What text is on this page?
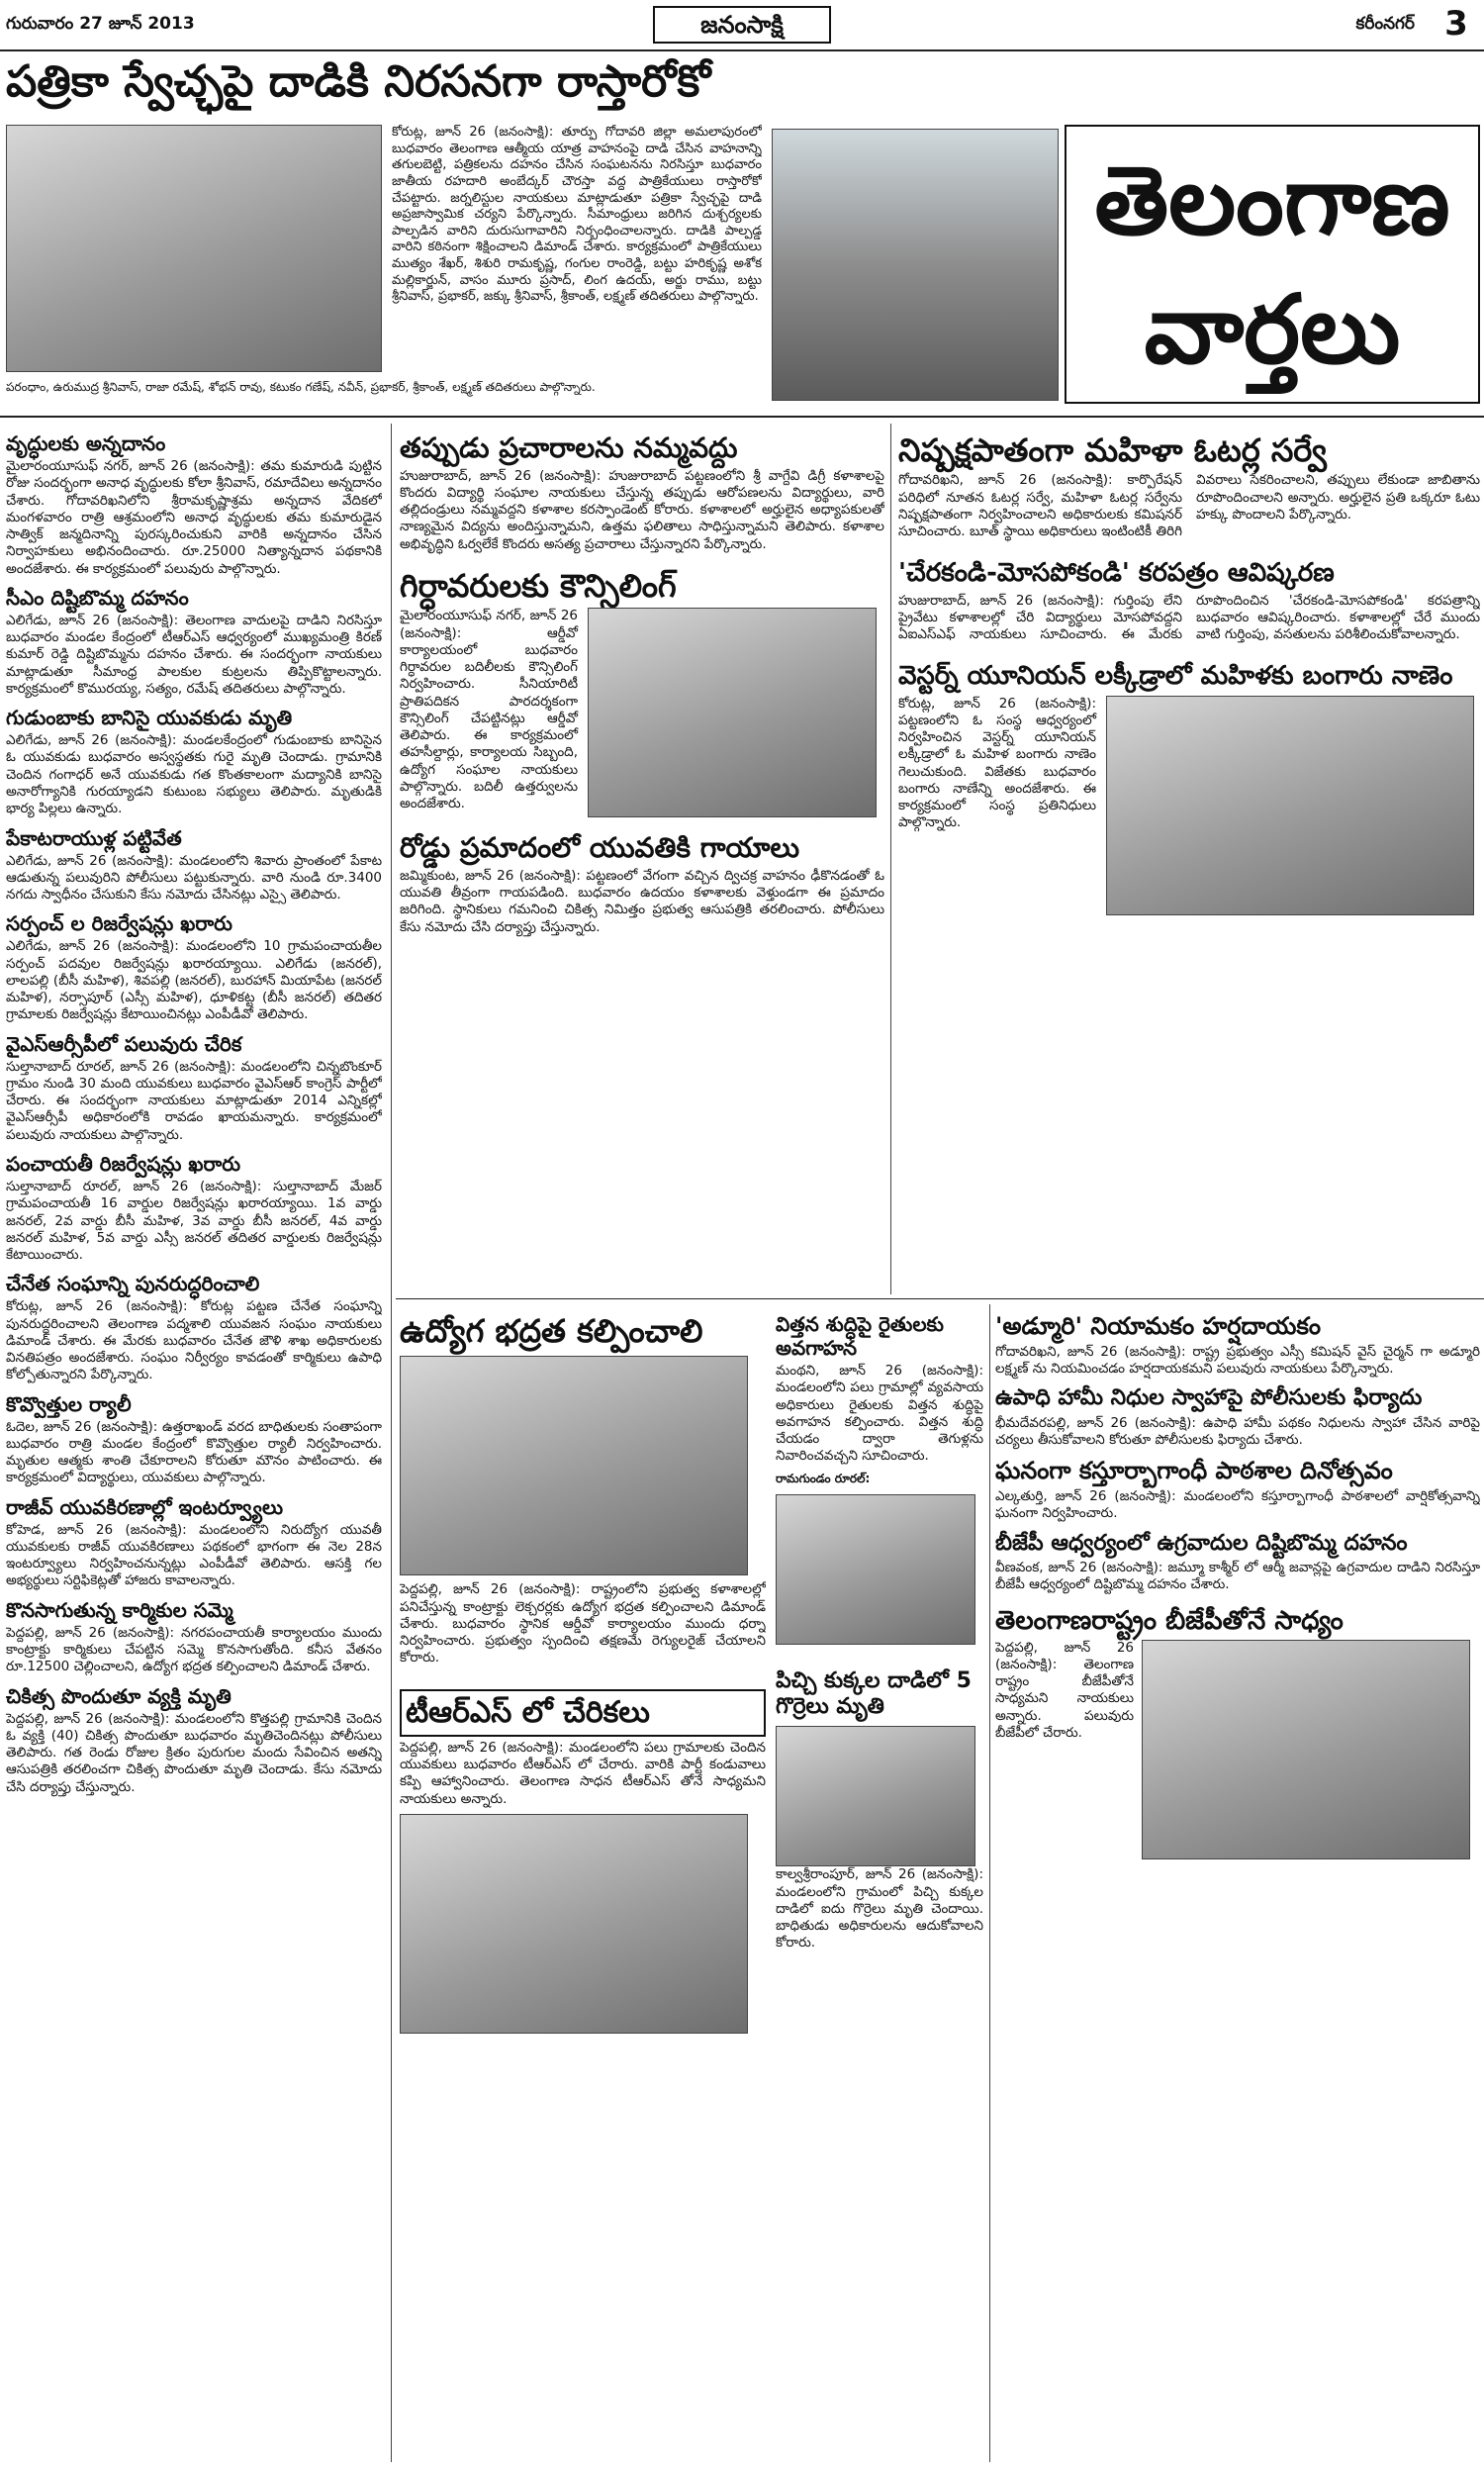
గురువారం 27 జూన్ 2013	జనంసాక్షి	కరీంనగర్ 3
పత్రికా స్వేచ్ఛపై దాడికి నిరసనగా రాస్తారోకో
కోరుట్ల, జూన్ 26 (జనంసాక్షి): తూర్పు గోదావరి జిల్లా అమలాపురంలో బుధవారం తెలంగాణ ఆత్మీయ యాత్ర వాహనంపై దాడి చేసిన వాహనాన్ని తగులబెట్టి, పత్రికలను దహనం చేసిన సంఘటనను నిరసిస్తూ బుధవారం జాతీయ రహదారి అంబేద్కర్ చౌరస్తా వద్ద పాత్రికేయులు రాస్తారోకో చేపట్టారు. జర్నలిస్టుల నాయకులు మాట్లాడుతూ పత్రికా స్వేచ్ఛపై దాడి అప్రజాస్వామిక చర్యని పేర్కొన్నారు. సీమాంధ్రులు జరిగిన దుశ్చర్యలకు పాల్పడిన వారిని దురుసుగావారిని నిర్బంధించాలన్నారు. దాడికి పాల్పడ్డ వారిని కఠినంగా శిక్షించాలని డిమాండ్ చేశారు. కార్యక్రమంలో పాత్రికేయులు ముత్యం శేఖర్, శిశురి రామకృష్ణ, గంగుల రాంరెడ్డి, బట్టు హరికృష్ణ అశోక మల్లికార్జున్, వాసం మూరు ప్రసాద్, లింగ ఉదయ్, అర్జు రాము, బట్టు శ్రీనివాస్, ప్రభాకర్, జక్కు శ్రీనివాస్, శ్రీకాంత్, లక్ష్మణ్ తదితరులు పాల్గొన్నారు.
పరంధాం, ఉరుముద్ర శ్రీనివాస్, రాజా రమేష్, శోభన్ రావు, కటుకం గణేష్, నవీన్, ప్రభాకర్, శ్రీకాంత్, లక్ష్మణ్ తదితరులు పాల్గొన్నారు.
తెలంగాణ
వార్తలు
వృద్ధులకు అన్నదానం
మైలారంయూసుఫ్ నగర్, జూన్ 26 (జనంసాక్షి): తమ కుమారుడి పుట్టిన రోజు సందర్భంగా అనాధ వృద్ధులకు కోలా శ్రీనివాస్, రమాదేవిలు అన్నదానం చేశారు. గోదావరిఖనిలోని శ్రీరామకృష్ణాశ్రమ అన్నదాన వేదికలో మంగళవారం రాత్రి ఆశ్రమంలోని అనాధ వృద్ధులకు తమ కుమారుడైన సాత్విక్ జన్మదినాన్ని పురస్కరించుకుని వారికి అన్నదానం చేసిన నిర్వాహకులు అభినందించారు. రూ.25000 నిత్యాన్నదాన పథకానికి అందజేశారు. ఈ కార్యక్రమంలో పలువురు పాల్గొన్నారు.
సీఎం దిష్టిబొమ్మ దహనం
ఎలిగేడు, జూన్ 26 (జనంసాక్షి): తెలంగాణ వాదులపై దాడిని నిరసిస్తూ బుధవారం మండల కేంద్రంలో టీఆర్ఎస్ ఆధ్వర్యంలో ముఖ్యమంత్రి కిరణ్ కుమార్ రెడ్డి దిష్టిబొమ్మను దహనం చేశారు. ఈ సందర్భంగా నాయకులు మాట్లాడుతూ సీమాంధ్ర పాలకుల కుట్రలను తిప్పికొట్టాలన్నారు. కార్యక్రమంలో కొమురయ్య, సత్యం, రమేష్ తదితరులు పాల్గొన్నారు.
గుడుంబాకు బానిసై యువకుడు మృతి
ఎలిగేడు, జూన్ 26 (జనంసాక్షి): మండలకేంద్రంలో గుడుంబాకు బానిసైన ఓ యువకుడు బుధవారం అస్వస్థతకు గురై మృతి చెందాడు. గ్రామానికి చెందిన గంగాధర్ అనే యువకుడు గత కొంతకాలంగా మద్యానికి బానిసై అనారోగ్యానికి గురయ్యాడని కుటుంబ సభ్యులు తెలిపారు. మృతుడికి భార్య పిల్లలు ఉన్నారు.
పేకాటరాయుళ్ల పట్టివేత
ఎలిగేడు, జూన్ 26 (జనంసాక్షి): మండలంలోని శివారు ప్రాంతంలో పేకాట ఆడుతున్న పలువురిని పోలీసులు పట్టుకున్నారు. వారి నుండి రూ.3400 నగదు స్వాధీనం చేసుకుని కేసు నమోదు చేసినట్లు ఎస్సై తెలిపారు.
సర్పంచ్ ల రిజర్వేషన్లు ఖరారు
ఎలిగేడు, జూన్ 26 (జనంసాక్షి): మండలంలోని 10 గ్రామపంచాయతీల సర్పంచ్ పదవుల రిజర్వేషన్లు ఖరారయ్యాయి. ఎలిగేడు (జనరల్), లాలపల్లి (బీసీ మహిళ), శివపల్లి (జనరల్), బురహాన్ మియాపేట (జనరల్ మహిళ), నర్సాపూర్ (ఎస్సీ మహిళ), ధూళికట్ట (బీసీ జనరల్) తదితర గ్రామాలకు రిజర్వేషన్లు కేటాయించినట్లు ఎంపీడీవో తెలిపారు.
వైఎస్ఆర్సీపీలో పలువురు చేరిక
సుల్తానాబాద్ రూరల్, జూన్ 26 (జనంసాక్షి): మండలంలోని చిన్నబొంకూర్ గ్రామం నుండి 30 మంది యువకులు బుధవారం వైఎస్ఆర్ కాంగ్రెస్ పార్టీలో చేరారు. ఈ సందర్భంగా నాయకులు మాట్లాడుతూ 2014 ఎన్నికల్లో వైఎస్ఆర్సీపీ అధికారంలోకి రావడం ఖాయమన్నారు. కార్యక్రమంలో పలువురు నాయకులు పాల్గొన్నారు.
పంచాయతీ రిజర్వేషన్లు ఖరారు
సుల్తానాబాద్ రూరల్, జూన్ 26 (జనంసాక్షి): సుల్తానాబాద్ మేజర్ గ్రామపంచాయతీ 16 వార్డుల రిజర్వేషన్లు ఖరారయ్యాయి. 1వ వార్డు జనరల్, 2వ వార్డు బీసీ మహిళ, 3వ వార్డు బీసీ జనరల్, 4వ వార్డు జనరల్ మహిళ, 5వ వార్డు ఎస్సీ జనరల్ తదితర వార్డులకు రిజర్వేషన్లు కేటాయించారు.
చేనేత సంఘాన్ని పునరుద్ధరించాలి
కోరుట్ల, జూన్ 26 (జనంసాక్షి): కోరుట్ల పట్టణ చేనేత సంఘాన్ని పునరుద్ధరించాలని తెలంగాణ పద్మశాలి యువజన సంఘం నాయకులు డిమాండ్ చేశారు. ఈ మేరకు బుధవారం చేనేత జౌళి శాఖ అధికారులకు వినతిపత్రం అందజేశారు. సంఘం నిర్వీర్యం కావడంతో కార్మికులు ఉపాధి కోల్పోతున్నారని పేర్కొన్నారు.
కొవ్వొత్తుల ర్యాలీ
ఓదెల, జూన్ 26 (జనంసాక్షి): ఉత్తరాఖండ్ వరద బాధితులకు సంతాపంగా బుధవారం రాత్రి మండల కేంద్రంలో కొవ్వొత్తుల ర్యాలీ నిర్వహించారు. మృతుల ఆత్మకు శాంతి చేకూరాలని కోరుతూ మౌనం పాటించారు. ఈ కార్యక్రమంలో విద్యార్థులు, యువకులు పాల్గొన్నారు.
రాజీవ్ యువకిరణాల్లో ఇంటర్వ్యూలు
కోహెడ, జూన్ 26 (జనంసాక్షి): మండలంలోని నిరుద్యోగ యువతీ యువకులకు రాజీవ్ యువకిరణాలు పథకంలో భాగంగా ఈ నెల 28న ఇంటర్వ్యూలు నిర్వహించనున్నట్లు ఎంపీడీవో తెలిపారు. ఆసక్తి గల అభ్యర్థులు సర్టిఫికెట్లతో హాజరు కావాలన్నారు.
కొనసాగుతున్న కార్మికుల సమ్మె
పెద్దపల్లి, జూన్ 26 (జనంసాక్షి): నగరపంచాయతీ కార్యాలయం ముందు కాంట్రాక్టు కార్మికులు చేపట్టిన సమ్మె కొనసాగుతోంది. కనీస వేతనం రూ.12500 చెల్లించాలని, ఉద్యోగ భద్రత కల్పించాలని డిమాండ్ చేశారు.
చికిత్స పొందుతూ వ్యక్తి మృతి
పెద్దపల్లి, జూన్ 26 (జనంసాక్షి): మండలంలోని కొత్తపల్లి గ్రామానికి చెందిన ఓ వ్యక్తి (40) చికిత్స పొందుతూ బుధవారం మృతిచెందినట్లు పోలీసులు తెలిపారు. గత రెండు రోజుల క్రితం పురుగుల మందు సేవించిన అతన్ని ఆసుపత్రికి తరలించగా చికిత్స పొందుతూ మృతి చెందాడు. కేసు నమోదు చేసి దర్యాప్తు చేస్తున్నారు.
తప్పుడు ప్రచారాలను నమ్మవద్దు
హుజురాబాద్, జూన్ 26 (జనంసాక్షి): హుజురాబాద్ పట్టణంలోని శ్రీ వాగ్దేవి డిగ్రీ కళాశాలపై కొందరు విద్యార్థి సంఘాల నాయకులు చేస్తున్న తప్పుడు ఆరోపణలను విద్యార్థులు, వారి తల్లిదండ్రులు నమ్మవద్దని కళాశాల కరస్పాండెంట్ కోరారు. కళాశాలలో అర్హులైన అధ్యాపకులతో నాణ్యమైన విద్యను అందిస్తున్నామని, ఉత్తమ ఫలితాలు సాధిస్తున్నామని తెలిపారు. కళాశాల అభివృద్ధిని ఓర్వలేకే కొందరు అసత్య ప్రచారాలు చేస్తున్నారని పేర్కొన్నారు.
గిర్ధావరులకు కౌన్సిలింగ్
మైలారంయూసుఫ్ నగర్, జూన్ 26 (జనంసాక్షి): ఆర్డీవో కార్యాలయంలో బుధవారం గిర్ధావరుల బదిలీలకు కౌన్సిలింగ్ నిర్వహించారు. సీనియారిటీ ప్రాతిపదికన పారదర్శకంగా కౌన్సిలింగ్ చేపట్టినట్లు ఆర్డీవో తెలిపారు. ఈ కార్యక్రమంలో తహసీల్దార్లు, కార్యాలయ సిబ్బంది, ఉద్యోగ సంఘాల నాయకులు పాల్గొన్నారు. బదిలీ ఉత్తర్వులను అందజేశారు.
రోడ్డు ప్రమాదంలో యువతికి గాయాలు
జమ్మికుంట, జూన్ 26 (జనంసాక్షి): పట్టణంలో వేగంగా వచ్చిన ద్విచక్ర వాహనం ఢీకొనడంతో ఓ యువతి తీవ్రంగా గాయపడింది. బుధవారం ఉదయం కళాశాలకు వెళ్తుండగా ఈ ప్రమాదం జరిగింది. స్థానికులు గమనించి చికిత్స నిమిత్తం ప్రభుత్వ ఆసుపత్రికి తరలించారు. పోలీసులు కేసు నమోదు చేసి దర్యాప్తు చేస్తున్నారు.
నిష్పక్షపాతంగా మహిళా ఓటర్ల సర్వే
గోదావరిఖని, జూన్ 26 (జనంసాక్షి): కార్పొరేషన్ పరిధిలో నూతన ఓటర్ల సర్వే, మహిళా ఓటర్ల సర్వేను నిష్పక్షపాతంగా నిర్వహించాలని అధికారులకు కమిషనర్ సూచించారు. బూత్ స్థాయి అధికారులు ఇంటింటికీ తిరిగి వివరాలు సేకరించాలని, తప్పులు లేకుండా జాబితాను రూపొందించాలని అన్నారు. అర్హులైన ప్రతి ఒక్కరూ ఓటు హక్కు పొందాలని పేర్కొన్నారు.
'చేరకండి-మోసపోకండి' కరపత్రం ఆవిష్కరణ
హుజురాబాద్, జూన్ 26 (జనంసాక్షి): గుర్తింపు లేని ప్రైవేటు కళాశాలల్లో చేరి విద్యార్థులు మోసపోవద్దని ఏఐఎస్ఎఫ్ నాయకులు సూచించారు. ఈ మేరకు రూపొందించిన 'చేరకండి-మోసపోకండి' కరపత్రాన్ని బుధవారం ఆవిష్కరించారు. కళాశాలల్లో చేరే ముందు వాటి గుర్తింపు, వసతులను పరిశీలించుకోవాలన్నారు.
వెస్టర్న్ యూనియన్ లక్కీడ్రాలో మహిళకు బంగారు నాణెం
కోరుట్ల, జూన్ 26 (జనంసాక్షి): పట్టణంలోని ఓ సంస్థ ఆధ్వర్యంలో నిర్వహించిన వెస్టర్న్ యూనియన్ లక్కీడ్రాలో ఓ మహిళ బంగారు నాణెం గెలుచుకుంది. విజేతకు బుధవారం బంగారు నాణేన్ని అందజేశారు. ఈ కార్యక్రమంలో సంస్థ ప్రతినిధులు పాల్గొన్నారు.
ఉద్యోగ భద్రత కల్పించాలి
పెద్దపల్లి, జూన్ 26 (జనంసాక్షి): రాష్ట్రంలోని ప్రభుత్వ కళాశాలల్లో పనిచేస్తున్న కాంట్రాక్టు లెక్చరర్లకు ఉద్యోగ భద్రత కల్పించాలని డిమాండ్ చేశారు. బుధవారం స్థానిక ఆర్డీవో కార్యాలయం ముందు ధర్నా నిర్వహించారు. ప్రభుత్వం స్పందించి తక్షణమే రెగ్యులరైజ్ చేయాలని కోరారు.
టీఆర్ఎస్ లో చేరికలు
పెద్దపల్లి, జూన్ 26 (జనంసాక్షి): మండలంలోని పలు గ్రామాలకు చెందిన యువకులు బుధవారం టీఆర్ఎస్ లో చేరారు. వారికి పార్టీ కండువాలు కప్పి ఆహ్వానించారు. తెలంగాణ సాధన టీఆర్ఎస్ తోనే సాధ్యమని నాయకులు అన్నారు.
విత్తన శుద్ధిపై రైతులకు అవగాహన
మంథని, జూన్ 26 (జనంసాక్షి): మండలంలోని పలు గ్రామాల్లో వ్యవసాయ అధికారులు రైతులకు విత్తన శుద్ధిపై అవగాహన కల్పించారు. విత్తన శుద్ధి చేయడం ద్వారా తెగుళ్లను నివారించవచ్చని సూచించారు.
రామగుండం రూరల్:
పిచ్చి కుక్కల దాడిలో 5 గొర్రెలు మృతి
కాల్వశ్రీరాంపూర్, జూన్ 26 (జనంసాక్షి): మండలంలోని గ్రామంలో పిచ్చి కుక్కల దాడిలో ఐదు గొర్రెలు మృతి చెందాయి. బాధితుడు అధికారులను ఆదుకోవాలని కోరారు.
'అడ్మూరి' నియామకం హర్షదాయకం
గోదావరిఖని, జూన్ 26 (జనంసాక్షి): రాష్ట్ర ప్రభుత్వం ఎస్సీ కమిషన్ వైస్ చైర్మన్ గా అడ్మూరి లక్ష్మణ్ ను నియమించడం హర్షదాయకమని పలువురు నాయకులు పేర్కొన్నారు.
ఉపాధి హామీ నిధుల స్వాహాపై పోలీసులకు ఫిర్యాదు
భీమదేవరపల్లి, జూన్ 26 (జనంసాక్షి): ఉపాధి హామీ పథకం నిధులను స్వాహా చేసిన వారిపై చర్యలు తీసుకోవాలని కోరుతూ పోలీసులకు ఫిర్యాదు చేశారు.
ఘనంగా కస్తూర్బాగాంధీ పాఠశాల దినోత్సవం
ఎల్కతుర్తి, జూన్ 26 (జనంసాక్షి): మండలంలోని కస్తూర్బాగాంధీ పాఠశాలలో వార్షికోత్సవాన్ని ఘనంగా నిర్వహించారు.
బీజేపీ ఆధ్వర్యంలో ఉగ్రవాదుల దిష్టిబొమ్మ దహనం
వీణవంక, జూన్ 26 (జనంసాక్షి): జమ్మూ కాశ్మీర్ లో ఆర్మీ జవాన్లపై ఉగ్రవాదుల దాడిని నిరసిస్తూ బీజేపీ ఆధ్వర్యంలో దిష్టిబొమ్మ దహనం చేశారు.
తెలంగాణరాష్ట్రం బీజేపీతోనే సాధ్యం
పెద్దపల్లి, జూన్ 26 (జనంసాక్షి): తెలంగాణ రాష్ట్రం బీజేపీతోనే సాధ్యమని నాయకులు అన్నారు. పలువురు బీజేపీలో చేరారు.
